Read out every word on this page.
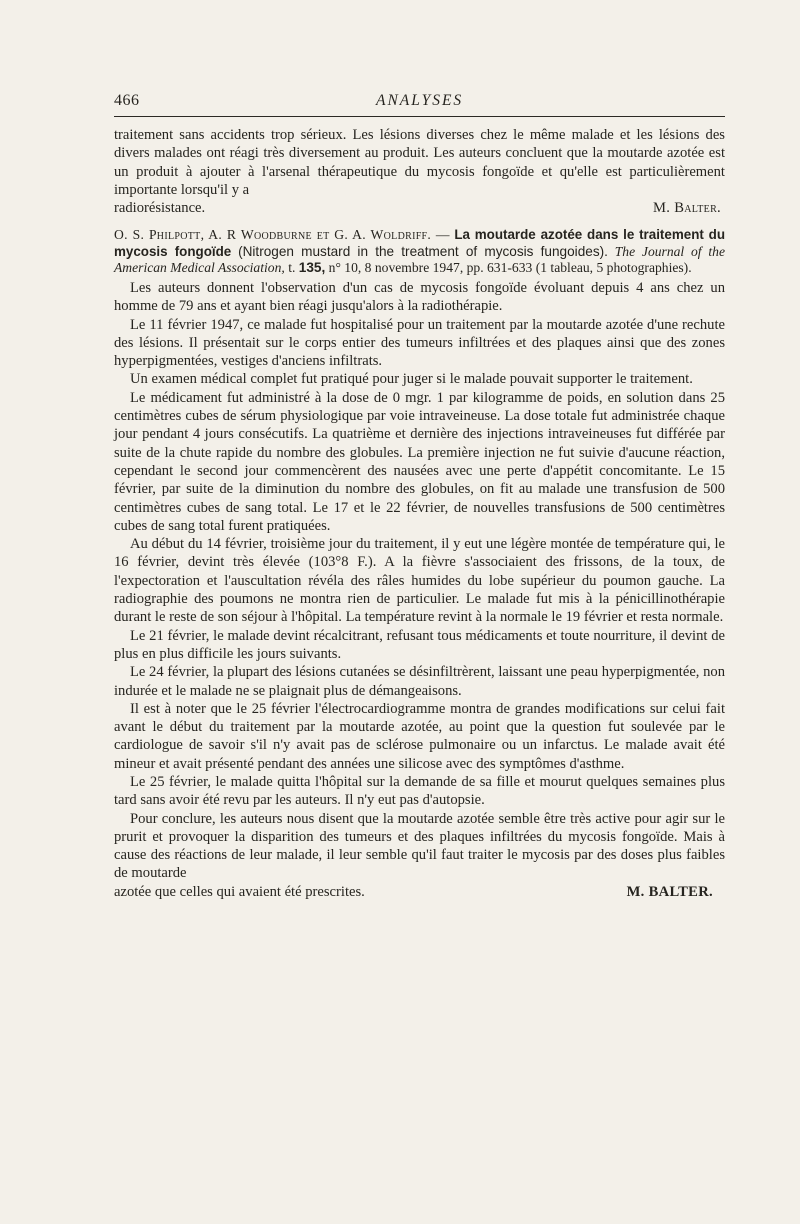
466	ANALYSES

traitement sans accidents trop sérieux. Les lésions diverses chez le même malade et les lésions des divers malades ont réagi très diversement au produit. Les auteurs concluent que la moutarde azotée est un produit à ajouter à l'arsenal thérapeutique du mycosis fongoïde et qu'elle est particulièrement importante lorsqu'il y a

radiorésistance.	M. Balter.

O. S. Philpott, A. R Woodburne et G. A. Woldriff. — La moutarde azotée dans le traitement du mycosis fongoïde (Nitrogen mustard in the treatment of mycosis fungoides). The Journal of the American Medical Association, t. 135, n° 10, 8 novembre 1947, pp. 631-633 (1 tableau, 5 photographies).

Les auteurs donnent l'observation d'un cas de mycosis fongoïde évoluant depuis 4 ans chez un homme de 79 ans et ayant bien réagi jusqu'alors à la radiothérapie.

Le 11 février 1947, ce malade fut hospitalisé pour un traitement par la moutarde azotée d'une rechute des lésions. Il présentait sur le corps entier des tumeurs infiltrées et des plaques ainsi que des zones hyperpigmentées, vestiges d'anciens infiltrats.

Un examen médical complet fut pratiqué pour juger si le malade pouvait supporter le traitement.

Le médicament fut administré à la dose de 0 mgr. 1 par kilogramme de poids, en solution dans 25 centimètres cubes de sérum physiologique par voie intraveineuse. La dose totale fut administrée chaque jour pendant 4 jours consécutifs. La quatrième et dernière des injections intraveineuses fut différée par suite de la chute rapide du nombre des globules. La première injection ne fut suivie d'aucune réaction, cependant le second jour commencèrent des nausées avec une perte d'appétit concomitante. Le 15 février, par suite de la diminution du nombre des globules, on fit au malade une transfusion de 500 centimètres cubes de sang total. Le 17 et le 22 février, de nouvelles transfusions de 500 centimètres cubes de sang total furent pratiquées.

Au début du 14 février, troisième jour du traitement, il y eut une légère montée de température qui, le 16 février, devint très élevée (103°8 F.). A la fièvre s'associaient des frissons, de la toux, de l'expectoration et l'auscultation révéla des râles humides du lobe supérieur du poumon gauche. La radiographie des poumons ne montra rien de particulier. Le malade fut mis à la pénicillinothérapie durant le reste de son séjour à l'hôpital. La température revint à la normale le 19 février et resta normale.

Le 21 février, le malade devint récalcitrant, refusant tous médicaments et toute nourriture, il devint de plus en plus difficile les jours suivants.

Le 24 février, la plupart des lésions cutanées se désinfiltrèrent, laissant une peau hyperpigmentée, non indurée et le malade ne se plaignait plus de démangeaisons.

Il est à noter que le 25 février l'électrocardiogramme montra de grandes modifications sur celui fait avant le début du traitement par la moutarde azotée, au point que la question fut soulevée par le cardiologue de savoir s'il n'y avait pas de sclérose pulmonaire ou un infarctus. Le malade avait été mineur et avait présenté pendant des années une silicose avec des symptômes d'asthme.

Le 25 février, le malade quitta l'hôpital sur la demande de sa fille et mourut quelques semaines plus tard sans avoir été revu par les auteurs. Il n'y eut pas d'autopsie.

Pour conclure, les auteurs nous disent que la moutarde azotée semble être très active pour agir sur le prurit et provoquer la disparition des tumeurs et des plaques infiltrées du mycosis fongoïde. Mais à cause des réactions de leur malade, il leur semble qu'il faut traiter le mycosis par des doses plus faibles de moutarde

azotée que celles qui avaient été prescrites.	M. BALTER.
